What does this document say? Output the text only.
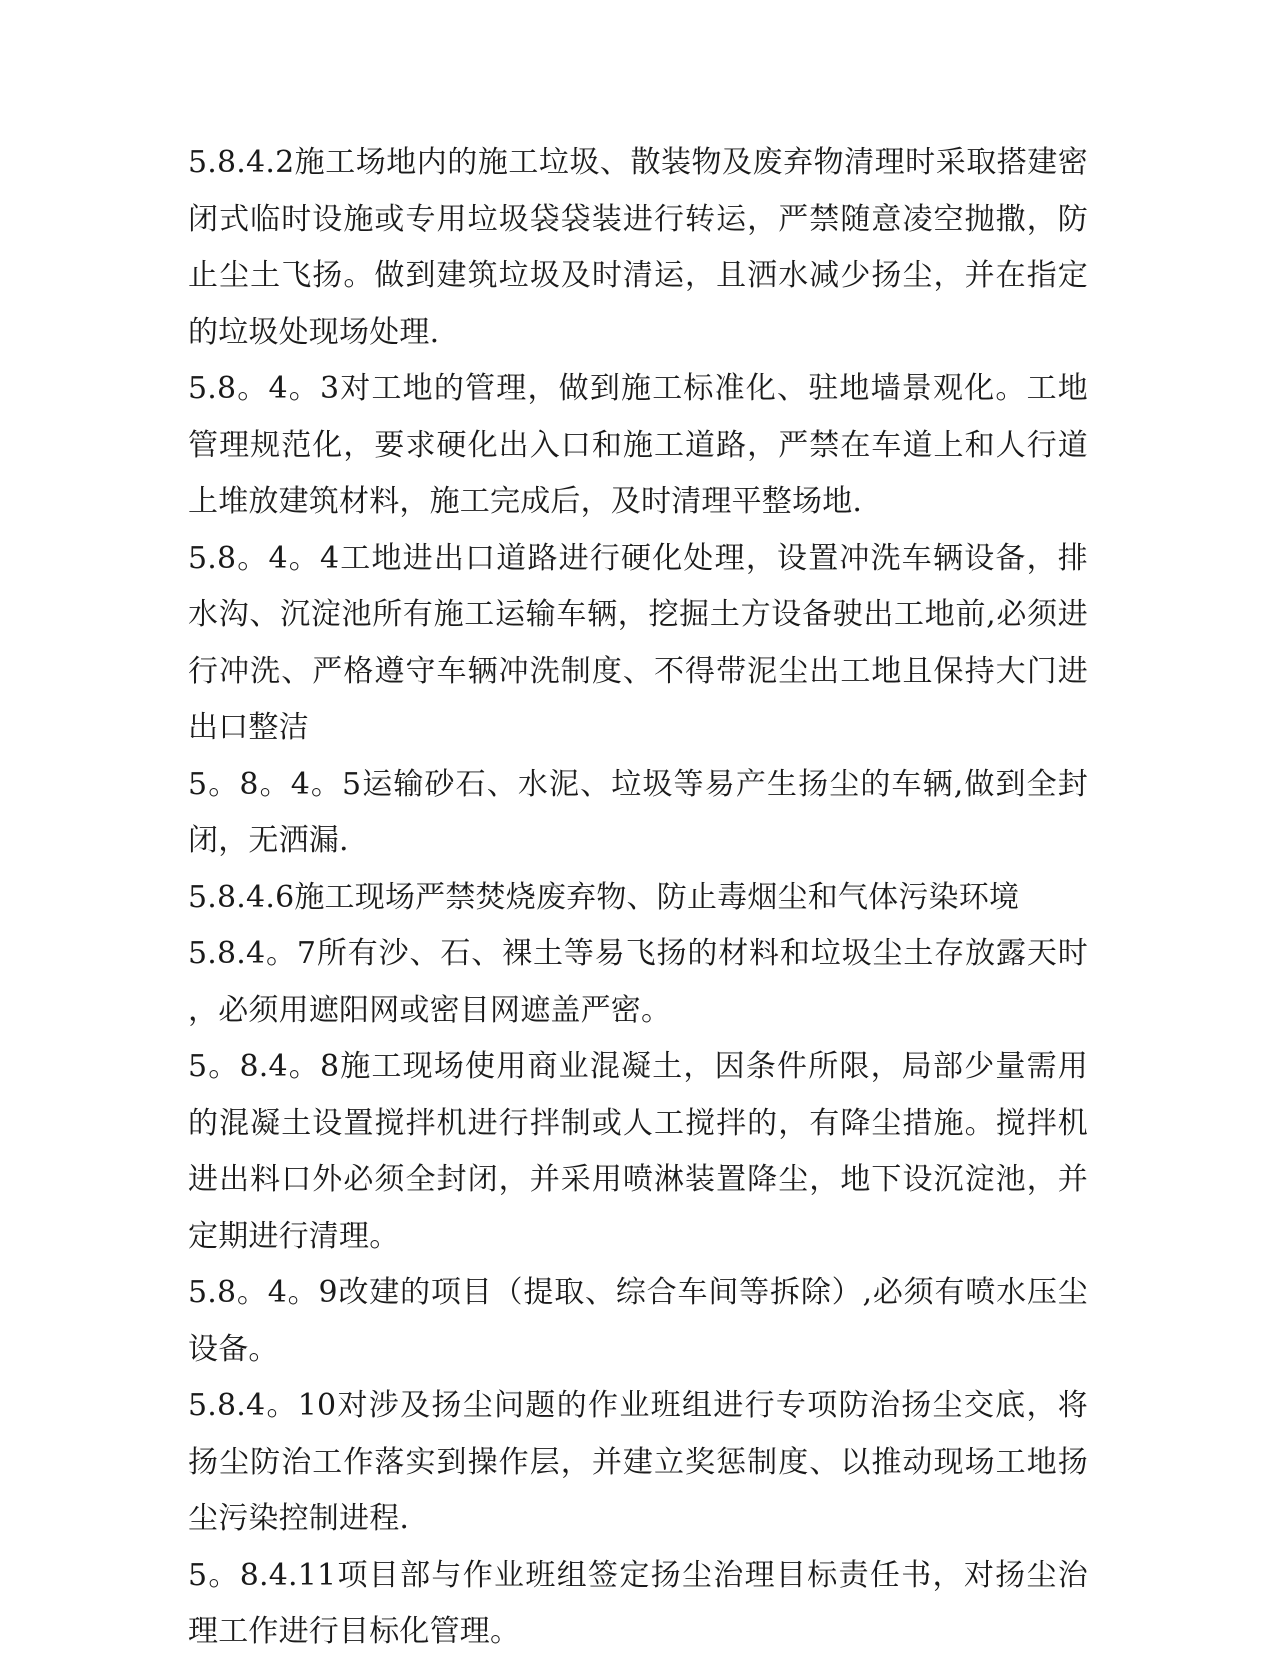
5.8.4.2施工场地内的施工垃圾、散装物及废弃物清理时采取搭建密闭式临时设施或专用垃圾袋袋装进行转运，严禁随意凌空抛撒，防止尘土飞扬。做到建筑垃圾及时清运，且洒水减少扬尘，并在指定的垃圾处现场处理.

5.8。4。3对工地的管理，做到施工标准化、驻地墙景观化。工地管理规范化，要求硬化出入口和施工道路，严禁在车道上和人行道上堆放建筑材料，施工完成后，及时清理平整场地.

5.8。4。4工地进出口道路进行硬化处理，设置冲洗车辆设备，排水沟、沉淀池所有施工运输车辆，挖掘土方设备驶出工地前,必须进行冲洗、严格遵守车辆冲洗制度、不得带泥尘出工地且保持大门进出口整洁

5。8。4。5运输砂石、水泥、垃圾等易产生扬尘的车辆,做到全封闭，无洒漏.

5.8.4.6施工现场严禁焚烧废弃物、防止毒烟尘和气体污染环境

5.8.4。7所有沙、石、裸土等易飞扬的材料和垃圾尘土存放露天时，必须用遮阳网或密目网遮盖严密。

5。8.4。8施工现场使用商业混凝土，因条件所限，局部少量需用的混凝土设置搅拌机进行拌制或人工搅拌的，有降尘措施。搅拌机进出料口外必须全封闭，并采用喷淋装置降尘，地下设沉淀池，并定期进行清理。

5.8。4。9改建的项目（提取、综合车间等拆除）,必须有喷水压尘设备。

5.8.4。10对涉及扬尘问题的作业班组进行专项防治扬尘交底，将扬尘防治工作落实到操作层，并建立奖惩制度、以推动现场工地扬尘污染控制进程.

5。8.4.11项目部与作业班组签定扬尘治理目标责任书，对扬尘治理工作进行目标化管理。
